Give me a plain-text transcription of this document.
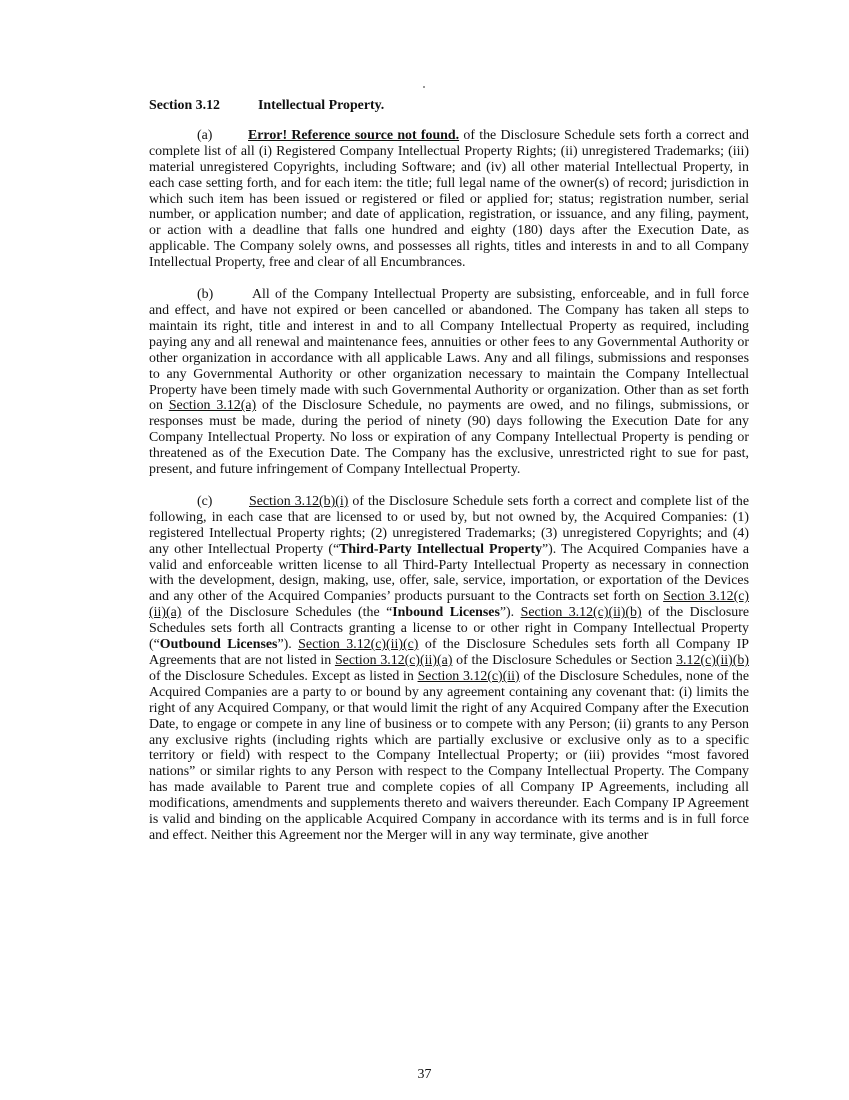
Section 3.12	Intellectual Property.

(a)	Error! Reference source not found. of the Disclosure Schedule sets forth a correct and complete list of all (i) Registered Company Intellectual Property Rights; (ii) unregistered Trademarks; (iii) material unregistered Copyrights, including Software; and (iv) all other material Intellectual Property, in each case setting forth, and for each item: the title; full legal name of the owner(s) of record; jurisdiction in which such item has been issued or registered or filed or applied for; status; registration number, serial number, or application number; and date of application, registration, or issuance, and any filing, payment, or action with a deadline that falls one hundred and eighty (180) days after the Execution Date, as applicable. The Company solely owns, and possesses all rights, titles and interests in and to all Company Intellectual Property, free and clear of all Encumbrances.

(b)	All of the Company Intellectual Property are subsisting, enforceable, and in full force and effect, and have not expired or been cancelled or abandoned. The Company has taken all steps to maintain its right, title and interest in and to all Company Intellectual Property as required, including paying any and all renewal and maintenance fees, annuities or other fees to any Governmental Authority or other organization in accordance with all applicable Laws. Any and all filings, submissions and responses to any Governmental Authority or other organization necessary to maintain the Company Intellectual Property have been timely made with such Governmental Authority or organization. Other than as set forth on Section 3.12(a) of the Disclosure Schedule, no payments are owed, and no filings, submissions, or responses must be made, during the period of ninety (90) days following the Execution Date for any Company Intellectual Property. No loss or expiration of any Company Intellectual Property is pending or threatened as of the Execution Date. The Company has the exclusive, unrestricted right to sue for past, present, and future infringement of Company Intellectual Property.

(c)	Section 3.12(b)(i) of the Disclosure Schedule sets forth a correct and complete list of the following, in each case that are licensed to or used by, but not owned by, the Acquired Companies: (1) registered Intellectual Property rights; (2) unregistered Trademarks; (3) unregistered Copyrights; and (4) any other Intellectual Property (“Third-Party Intellectual Property”). The Acquired Companies have a valid and enforceable written license to all Third-Party Intellectual Property as necessary in connection with the development, design, making, use, offer, sale, service, importation, or exportation of the Devices and any other of the Acquired Companies’ products pursuant to the Contracts set forth on Section 3.12(c)(ii)(a) of the Disclosure Schedules (the “Inbound Licenses”). Section 3.12(c)(ii)(b) of the Disclosure Schedules sets forth all Contracts granting a license to or other right in Company Intellectual Property (“Outbound Licenses”). Section 3.12(c)(ii)(c) of the Disclosure Schedules sets forth all Company IP Agreements that are not listed in Section 3.12(c)(ii)(a) of the Disclosure Schedules or Section 3.12(c)(ii)(b) of the Disclosure Schedules. Except as listed in Section 3.12(c)(ii) of the Disclosure Schedules, none of the Acquired Companies are a party to or bound by any agreement containing any covenant that: (i) limits the right of any Acquired Company, or that would limit the right of any Acquired Company after the Execution Date, to engage or compete in any line of business or to compete with any Person; (ii) grants to any Person any exclusive rights (including rights which are partially exclusive or exclusive only as to a specific territory or field) with respect to the Company Intellectual Property; or (iii) provides “most favored nations” or similar rights to any Person with respect to the Company Intellectual Property. The Company has made available to Parent true and complete copies of all Company IP Agreements, including all modifications, amendments and supplements thereto and waivers thereunder. Each Company IP Agreement is valid and binding on the applicable Acquired Company in accordance with its terms and is in full force and effect. Neither this Agreement nor the Merger will in any way terminate, give another

37
